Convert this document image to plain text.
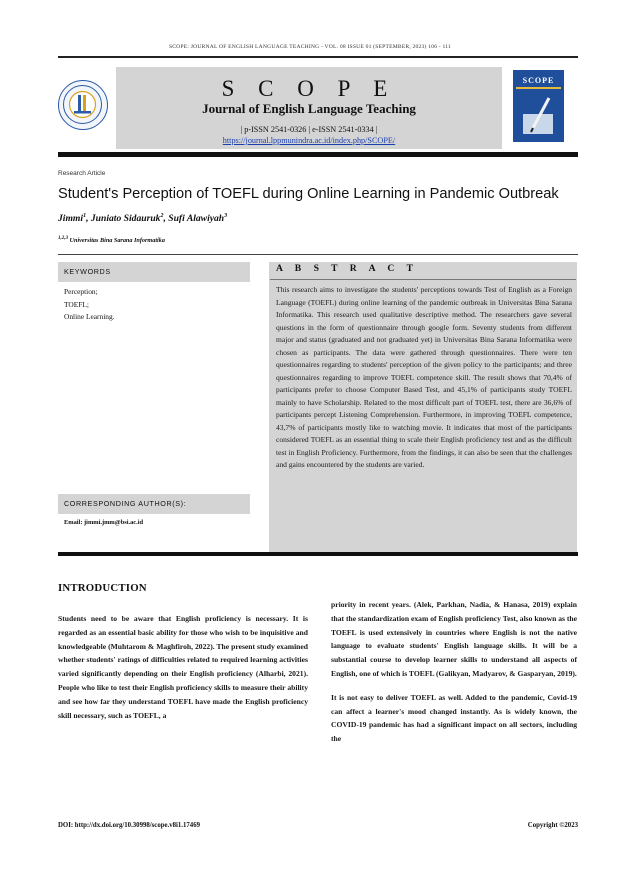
SCOPE: JOURNAL OF ENGLISH LANGUAGE TEACHING - VOL. 08 ISSUE 01 (SEPTEMBER, 2023) 106 - 111
S C O P E
Journal of English Language Teaching
| p-ISSN 2541-0326 | e-ISSN 2541-0334 |
https://journal.lppmunindra.ac.id/index.php/SCOPE/
SCOPE
Research Article
Student's Perception of TOEFL during Online Learning in Pandemic Outbreak
Jimmi$^1$, Juniato Sidauruk$^2$, Sufi Alawiyah$^3$
$^{1,2,3}$ Universitas Bina Sarana Informatika
KEYWORDS
Perception;
TOEFL;
Online Learning.
CORRESPONDING AUTHOR(S):
Email: jimmi.jmm@bsi.ac.id
A B S T R A C T
This research aims to investigate the students' perceptions towards Test of English as a Foreign Language (TOEFL) during online learning of the pandemic outbreak in Universitas Bina Sarana Informatika. This research used qualitative descriptive method. The researchers gave several questions in the form of questionnaire through google form. Seventy students from different major and status (graduated and not graduated yet) in Universitas Bina Sarana Informatika were chosen as participants. The data were gathered through questionnaires. There were ten questionnaires regarding to students' perception of the given policy to the participants; and three questionnaires regarding to improve TOEFL competence skill. The result shows that 70,4% of participants prefer to choose Computer Based Test, and 45,1% of participants study TOEFL mainly to have Scholarship. Related to the most difficult part of TOEFL test, there are 36,6% of participants percept Listening Comprehension. Furthermore, in improving TOEFL competence, 43,7% of participants mostly like to watching movie. It indicates that most of the participants considered TOEFL as an essential thing to scale their English proficiency test and as the difficult test in English Proficiency. Furthermore, from the findings, it can also be seen that the challenges and gains encountered by the students are varied.
INTRODUCTION
Students need to be aware that English proficiency is necessary. It is regarded as an essential basic ability for those who wish to be inquisitive and knowledgeable (Muhtarom & Maghfiroh, 2022). The present study examined whether students' ratings of difficulties related to required learning activities varied significantly depending on their English proficiency (Alharbi, 2021). People who like to test their English proficiency skills to measure their ability and see how far they understand TOEFL have made the English proficiency skill necessary, such as TOEFL, a

priority in recent years. (Alek, Parkhan, Nadia, & Hanasa, 2019) explain that the standardization exam of English proficiency Test, also known as the TOEFL is used extensively in countries where English is not the native language to evaluate students' English language skills. It will be a substantial course to develop learner skills to understand all aspects of English, one of which is TOEFL (Galikyan, Madyarov, & Gasparyan, 2019).

It is not easy to deliver TOEFL as well. Added to the pandemic, Covid-19 can affect a learner's mood changed instantly. As is widely known, the COVID-19 pandemic has had a significant impact on all sectors, including the

DOI: http://dx.doi.org/10.30998/scope.v8i1.17469	Copyright ©2023
